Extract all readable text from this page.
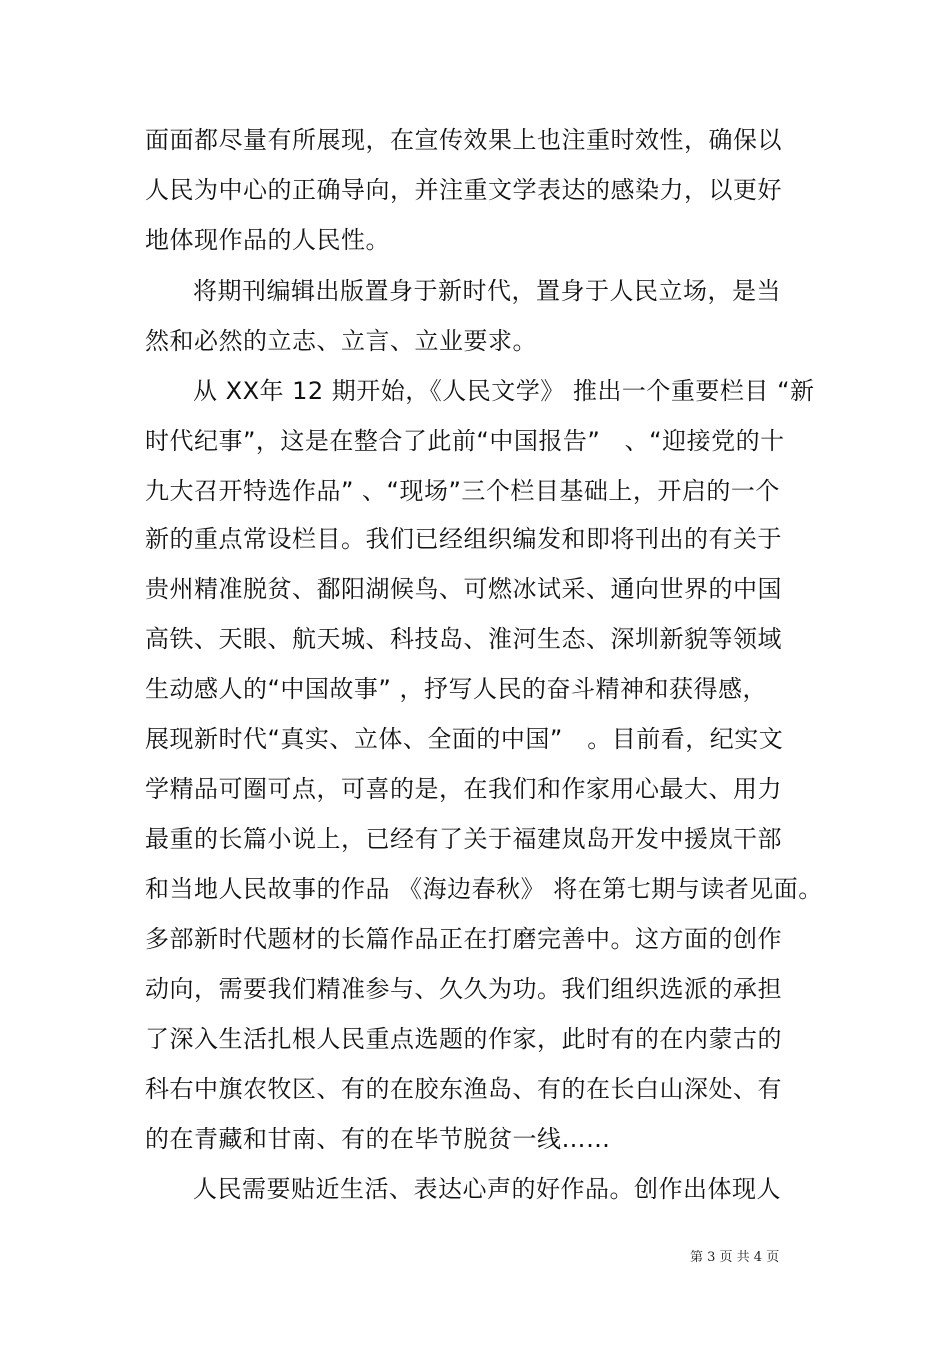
面面都尽量有所展现，在宣传效果上也注重时效性，确保以
人民为中心的正确导向，并注重文学表达的感染力，以更好
地体现作品的人民性。
将期刊编辑出版置身于新时代，置身于人民立场，是当
然和必然的立志、立言、立业要求。
从 XX年 12 期开始，《人民文学》 推出一个重要栏目 “新
时代纪事”，这是在整合了此前“中国报告”   、“迎接党的十
九大召开特选作品” 、“现场”三个栏目基础上，开启的一个
新的重点常设栏目。我们已经组织编发和即将刊出的有关于
贵州精准脱贫、鄱阳湖候鸟、可燃冰试采、通向世界的中国
高铁、天眼、航天城、科技岛、淮河生态、深圳新貌等领域
生动感人的“中国故事” ，抒写人民的奋斗精神和获得感，
展现新时代“真实、立体、全面的中国”   。目前看，纪实文
学精品可圈可点，可喜的是，在我们和作家用心最大、用力
最重的长篇小说上，已经有了关于福建岚岛开发中援岚干部
和当地人民故事的作品 《海边春秋》 将在第七期与读者见面。
多部新时代题材的长篇作品正在打磨完善中。这方面的创作
动向，需要我们精准参与、久久为功。我们组织选派的承担
了深入生活扎根人民重点选题的作家，此时有的在内蒙古的
科右中旗农牧区、有的在胶东渔岛、有的在长白山深处、有
的在青藏和甘南、有的在毕节脱贫一线……
人民需要贴近生活、表达心声的好作品。创作出体现人
第 3 页 共 4 页
